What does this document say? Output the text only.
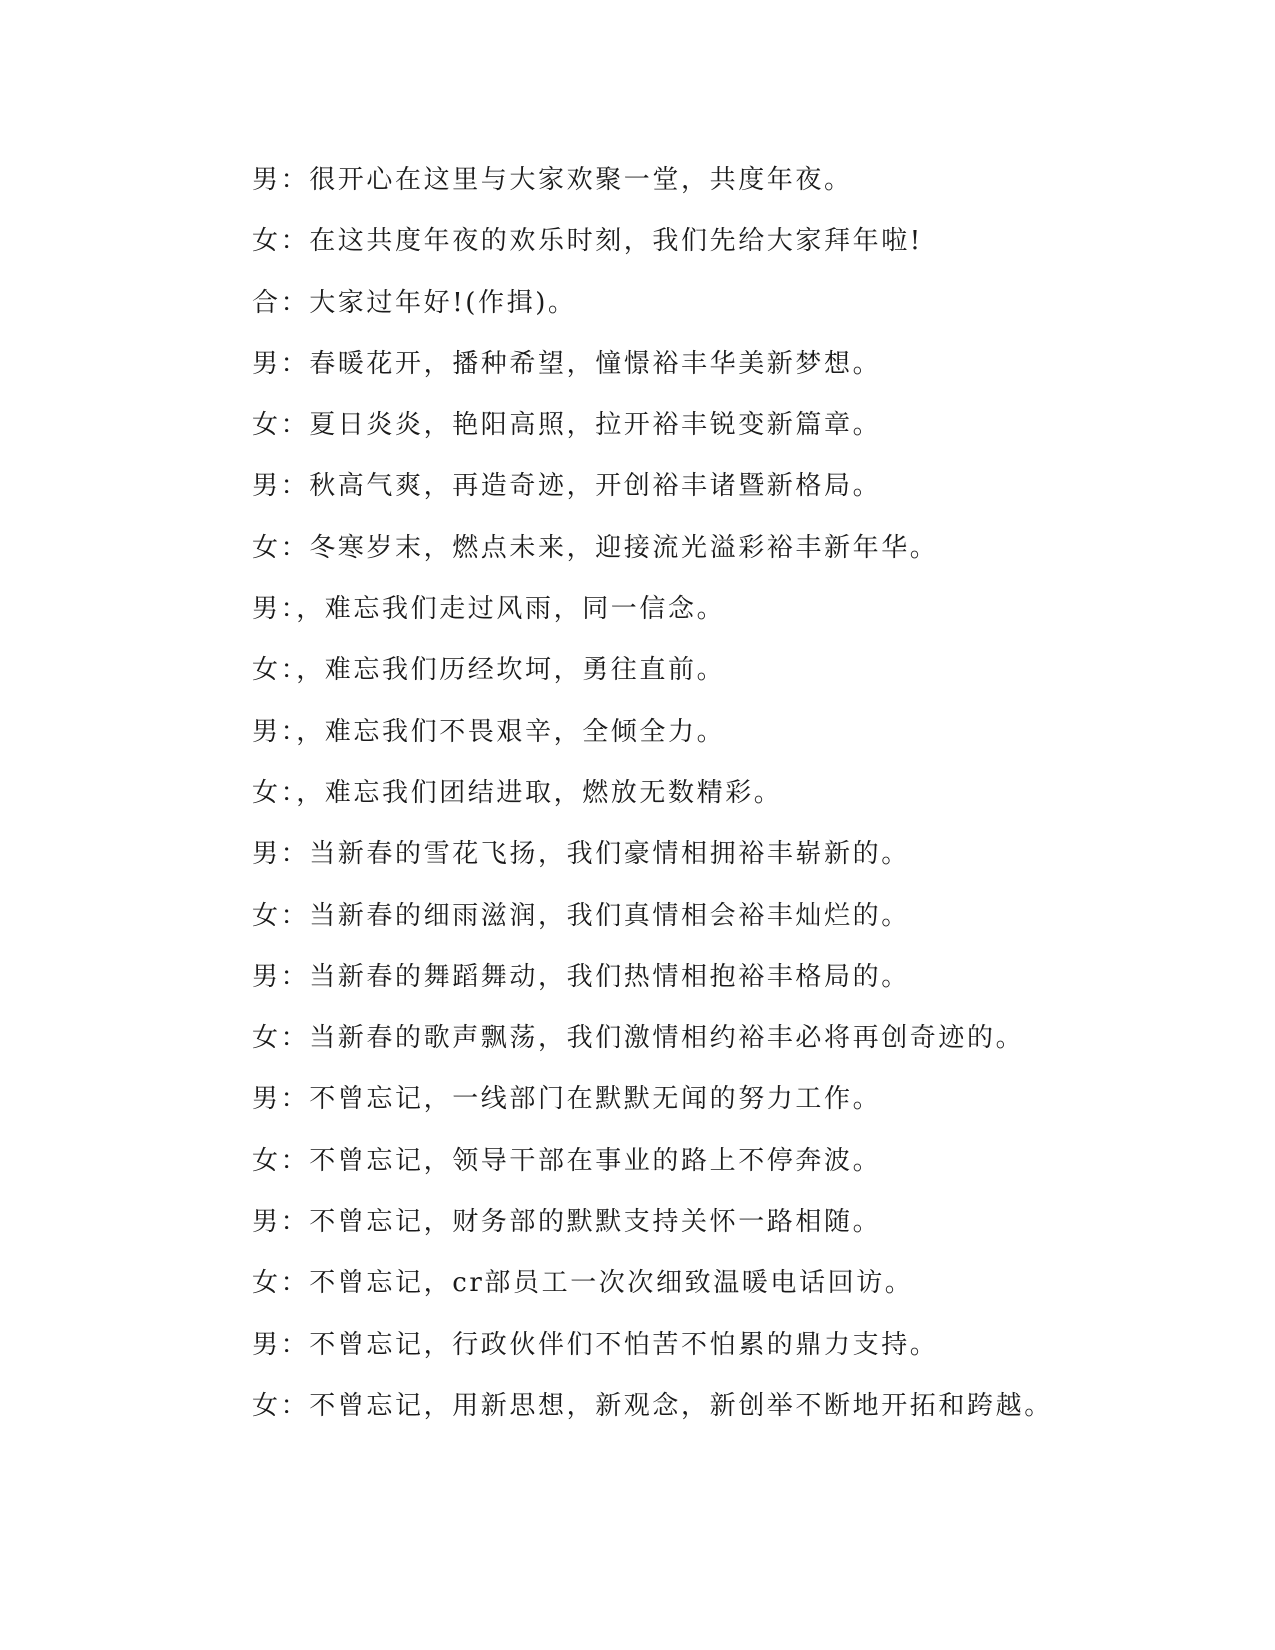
男：很开心在这里与大家欢聚一堂，共度年夜。
女：在这共度年夜的欢乐时刻，我们先给大家拜年啦!
合：大家过年好!(作揖)。
男：春暖花开，播种希望，憧憬裕丰华美新梦想。
女：夏日炎炎，艳阳高照，拉开裕丰锐变新篇章。
男：秋高气爽，再造奇迹，开创裕丰诸暨新格局。
女：冬寒岁末，燃点未来，迎接流光溢彩裕丰新年华。
男：，难忘我们走过风雨，同一信念。
女：，难忘我们历经坎坷，勇往直前。
男：，难忘我们不畏艰辛，全倾全力。
女：，难忘我们团结进取，燃放无数精彩。
男：当新春的雪花飞扬，我们豪情相拥裕丰崭新的。
女：当新春的细雨滋润，我们真情相会裕丰灿烂的。
男：当新春的舞蹈舞动，我们热情相抱裕丰格局的。
女：当新春的歌声飘荡，我们激情相约裕丰必将再创奇迹的。
男：不曾忘记，一线部门在默默无闻的努力工作。
女：不曾忘记，领导干部在事业的路上不停奔波。
男：不曾忘记，财务部的默默支持关怀一路相随。
女：不曾忘记，cr部员工一次次细致温暖电话回访。
男：不曾忘记，行政伙伴们不怕苦不怕累的鼎力支持。
女：不曾忘记，用新思想，新观念，新创举不断地开拓和跨越。
